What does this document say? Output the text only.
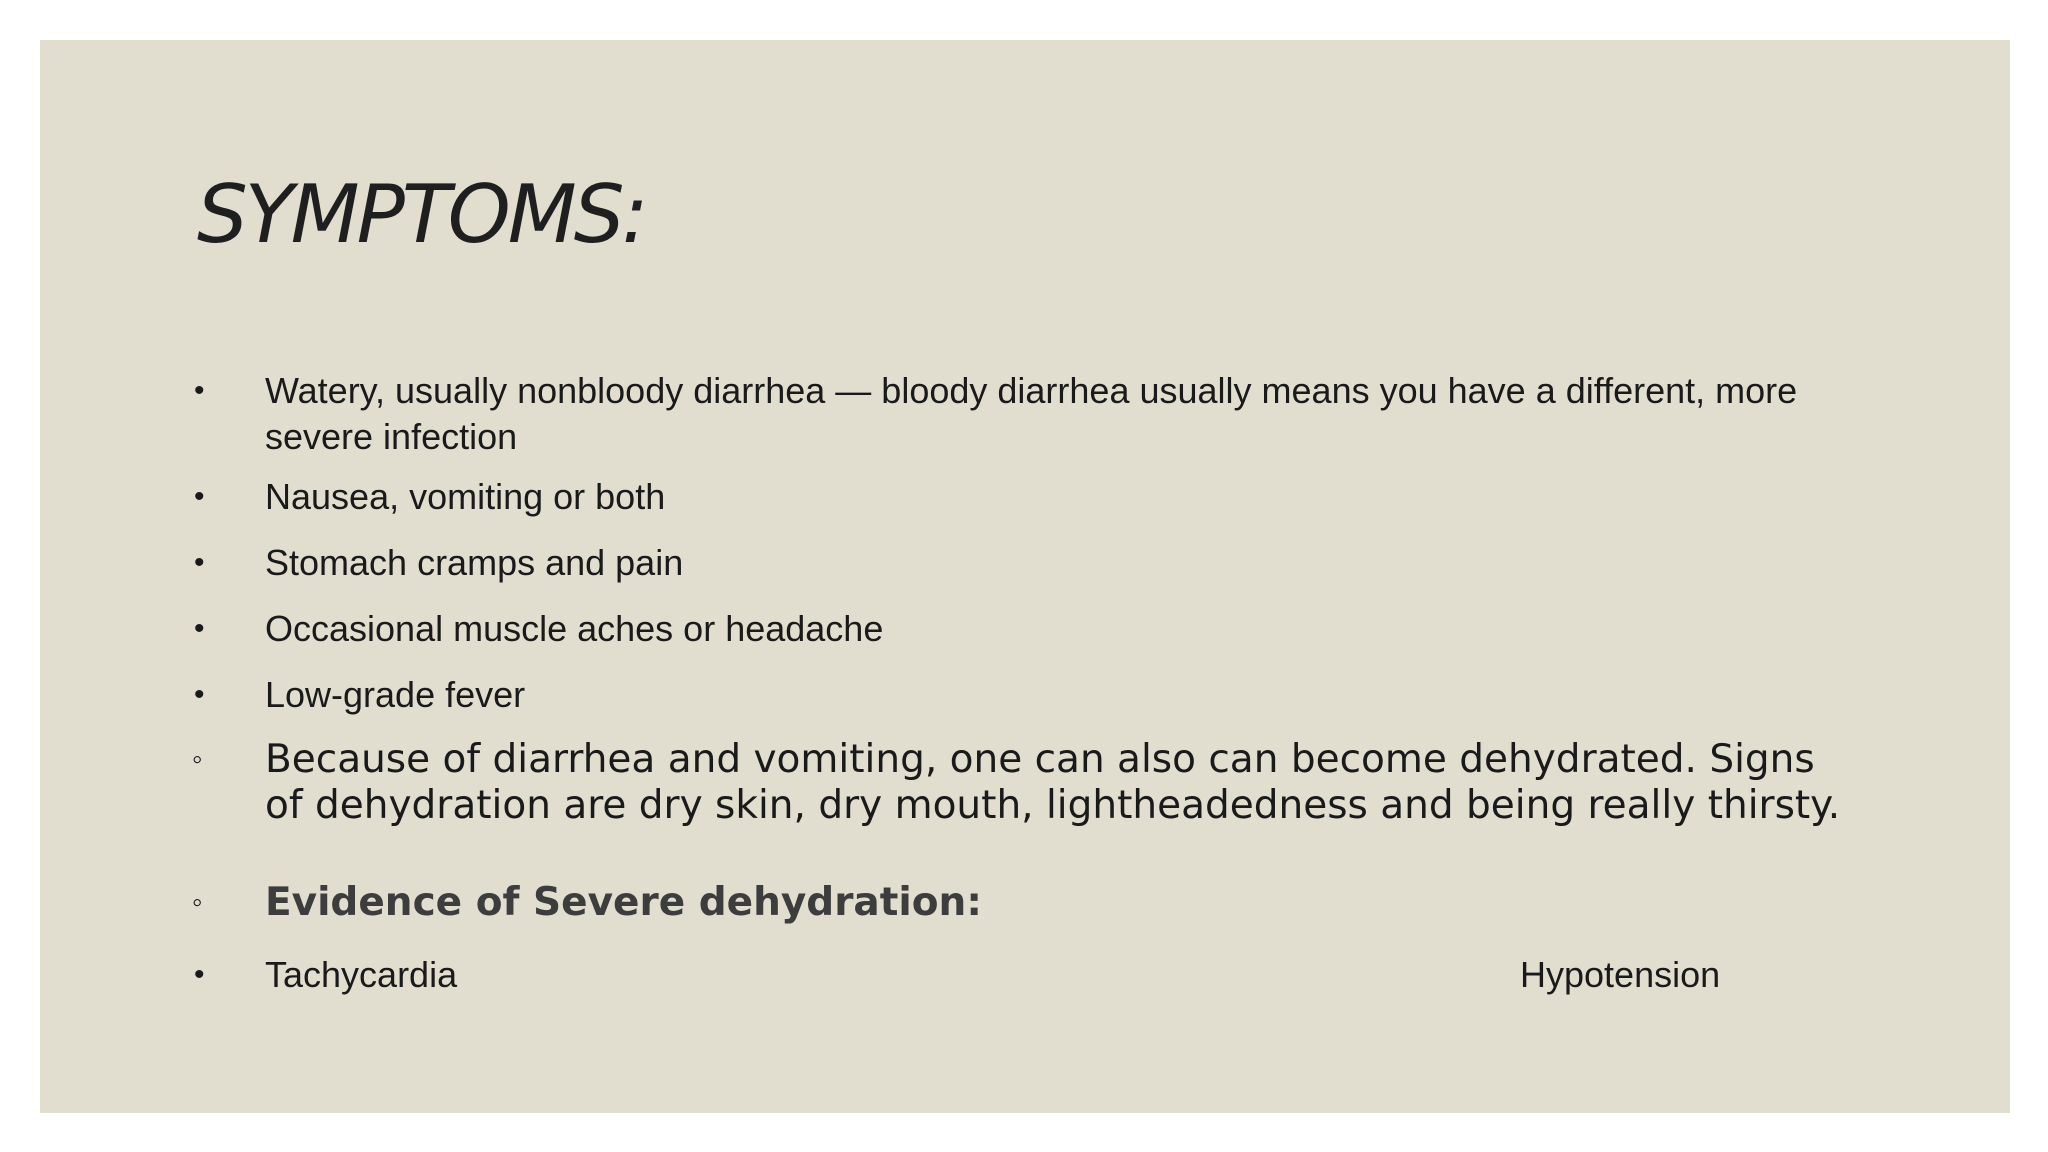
SYMPTOMS:
• Watery, usually nonbloody diarrhea — bloody diarrhea usually means you have a different, more severe infection
• Nausea, vomiting or both
• Stomach cramps and pain
• Occasional muscle aches or headache
• Low-grade fever
◦ Because of diarrhea and vomiting, one can also can become dehydrated. Signs of dehydration are dry skin, dry mouth, lightheadedness and being really thirsty.
◦ Evidence of Severe dehydration:
• Tachycardia	Hypotension
